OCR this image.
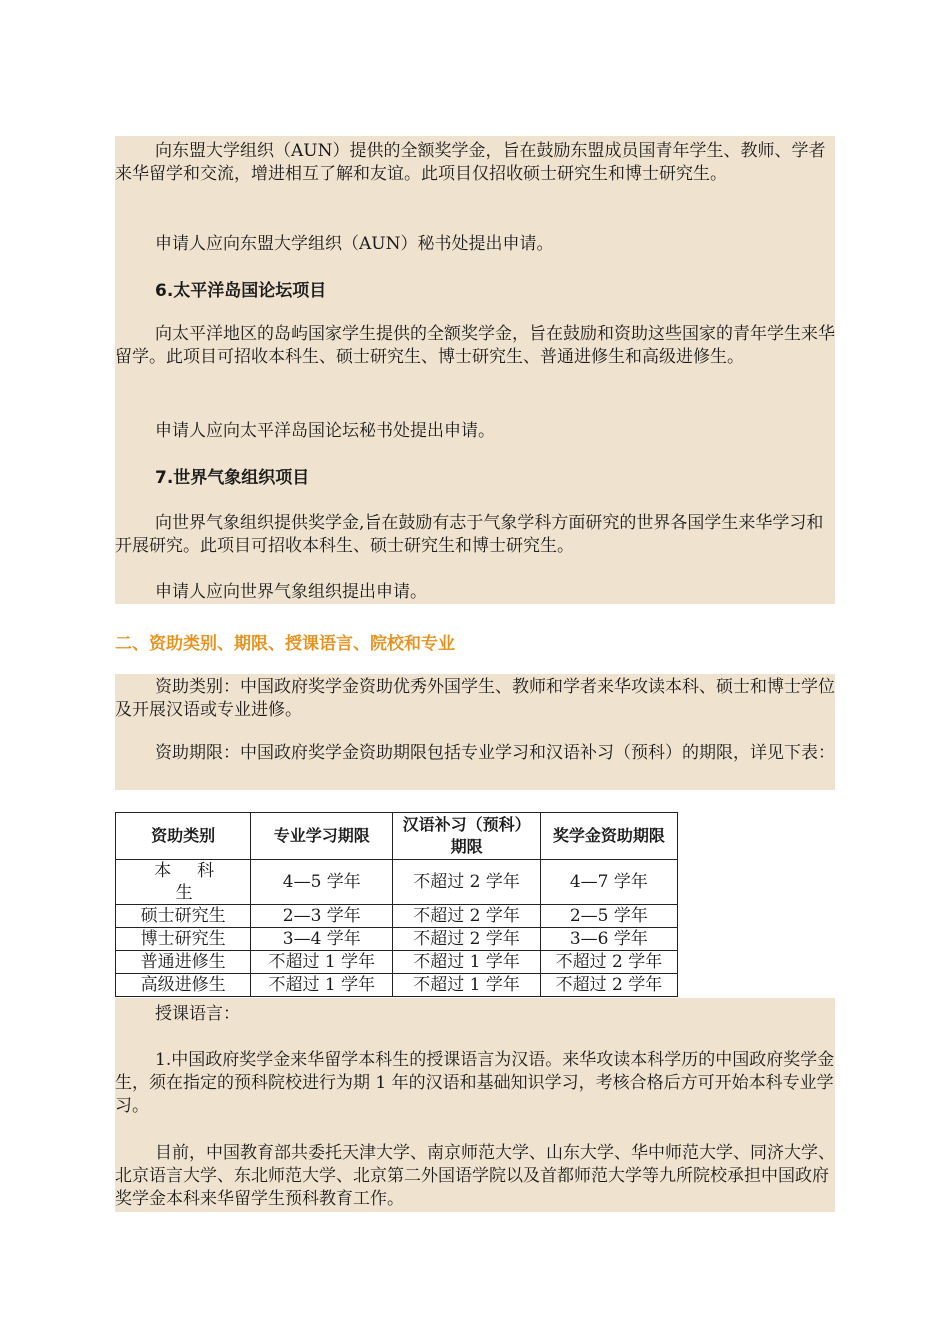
向东盟大学组织（AUN）提供的全额奖学金，旨在鼓励东盟成员国青年学生、教师、学者来华留学和交流，增进相互了解和友谊。此项目仅招收硕士研究生和博士研究生。

申请人应向东盟大学组织（AUN）秘书处提出申请。

6.太平洋岛国论坛项目

向太平洋地区的岛屿国家学生提供的全额奖学金，旨在鼓励和资助这些国家的青年学生来华留学。此项目可招收本科生、硕士研究生、博士研究生、普通进修生和高级进修生。

申请人应向太平洋岛国论坛秘书处提出申请。

7.世界气象组织项目

向世界气象组织提供奖学金,旨在鼓励有志于气象学科方面研究的世界各国学生来华学习和开展研究。此项目可招收本科生、硕士研究生和博士研究生。

申请人应向世界气象组织提出申请。

二、资助类别、期限、授课语言、院校和专业

资助类别：中国政府奖学金资助优秀外国学生、教师和学者来华攻读本科、硕士和博士学位及开展汉语或专业进修。

资助期限：中国政府奖学金资助期限包括专业学习和汉语补习（预科）的期限，详见下表：

资助类别	专业学习期限	汉语补习（预科）期限	奖学金资助期限
本科生	4—5 学年	不超过 2 学年	4—7 学年
硕士研究生	2—3 学年	不超过 2 学年	2—5 学年
博士研究生	3—4 学年	不超过 2 学年	3—6 学年
普通进修生	不超过 1 学年	不超过 1 学年	不超过 2 学年
高级进修生	不超过 1 学年	不超过 1 学年	不超过 2 学年

授课语言：

1.中国政府奖学金来华留学本科生的授课语言为汉语。来华攻读本科学历的中国政府奖学金生，须在指定的预科院校进行为期 1 年的汉语和基础知识学习，考核合格后方可开始本科专业学习。

目前，中国教育部共委托天津大学、南京师范大学、山东大学、华中师范大学、同济大学、北京语言大学、东北师范大学、北京第二外国语学院以及首都师范大学等九所院校承担中国政府奖学金本科来华留学生预科教育工作。
